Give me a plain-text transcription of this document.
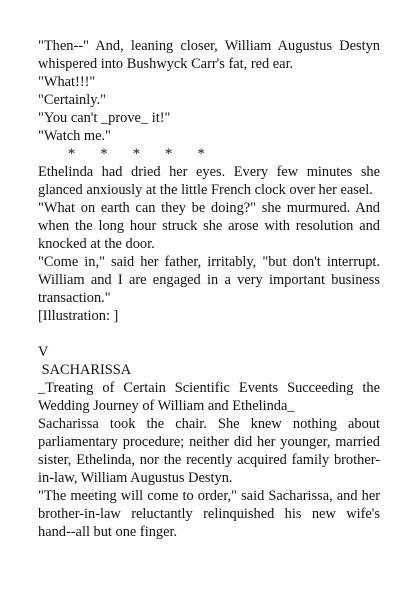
"Then--" And, leaning closer, William Augustus Destyn whispered into Bushwyck Carr's fat, red ear.

"What!!!"

"Certainly."

"You can't _prove_ it!"

"Watch me."

*       *       *       *       *

Ethelinda had dried her eyes. Every few minutes she glanced anxiously at the little French clock over her easel.

"What on earth can they be doing?" she murmured. And when the long hour struck she arose with resolution and knocked at the door.

"Come in," said her father, irritably, "but don't interrupt. William and I are engaged in a very important business transaction."

[Illustration: ]

V

SACHARISSA

_Treating of Certain Scientific Events Succeeding the Wedding Journey of William and Ethelinda_

Sacharissa took the chair. She knew nothing about parliamentary procedure; neither did her younger, married sister, Ethelinda, nor the recently acquired family brother-in-law, William Augustus Destyn.

"The meeting will come to order," said Sacharissa, and her brother-in-law reluctantly relinquished his new wife's hand--all but one finger.
